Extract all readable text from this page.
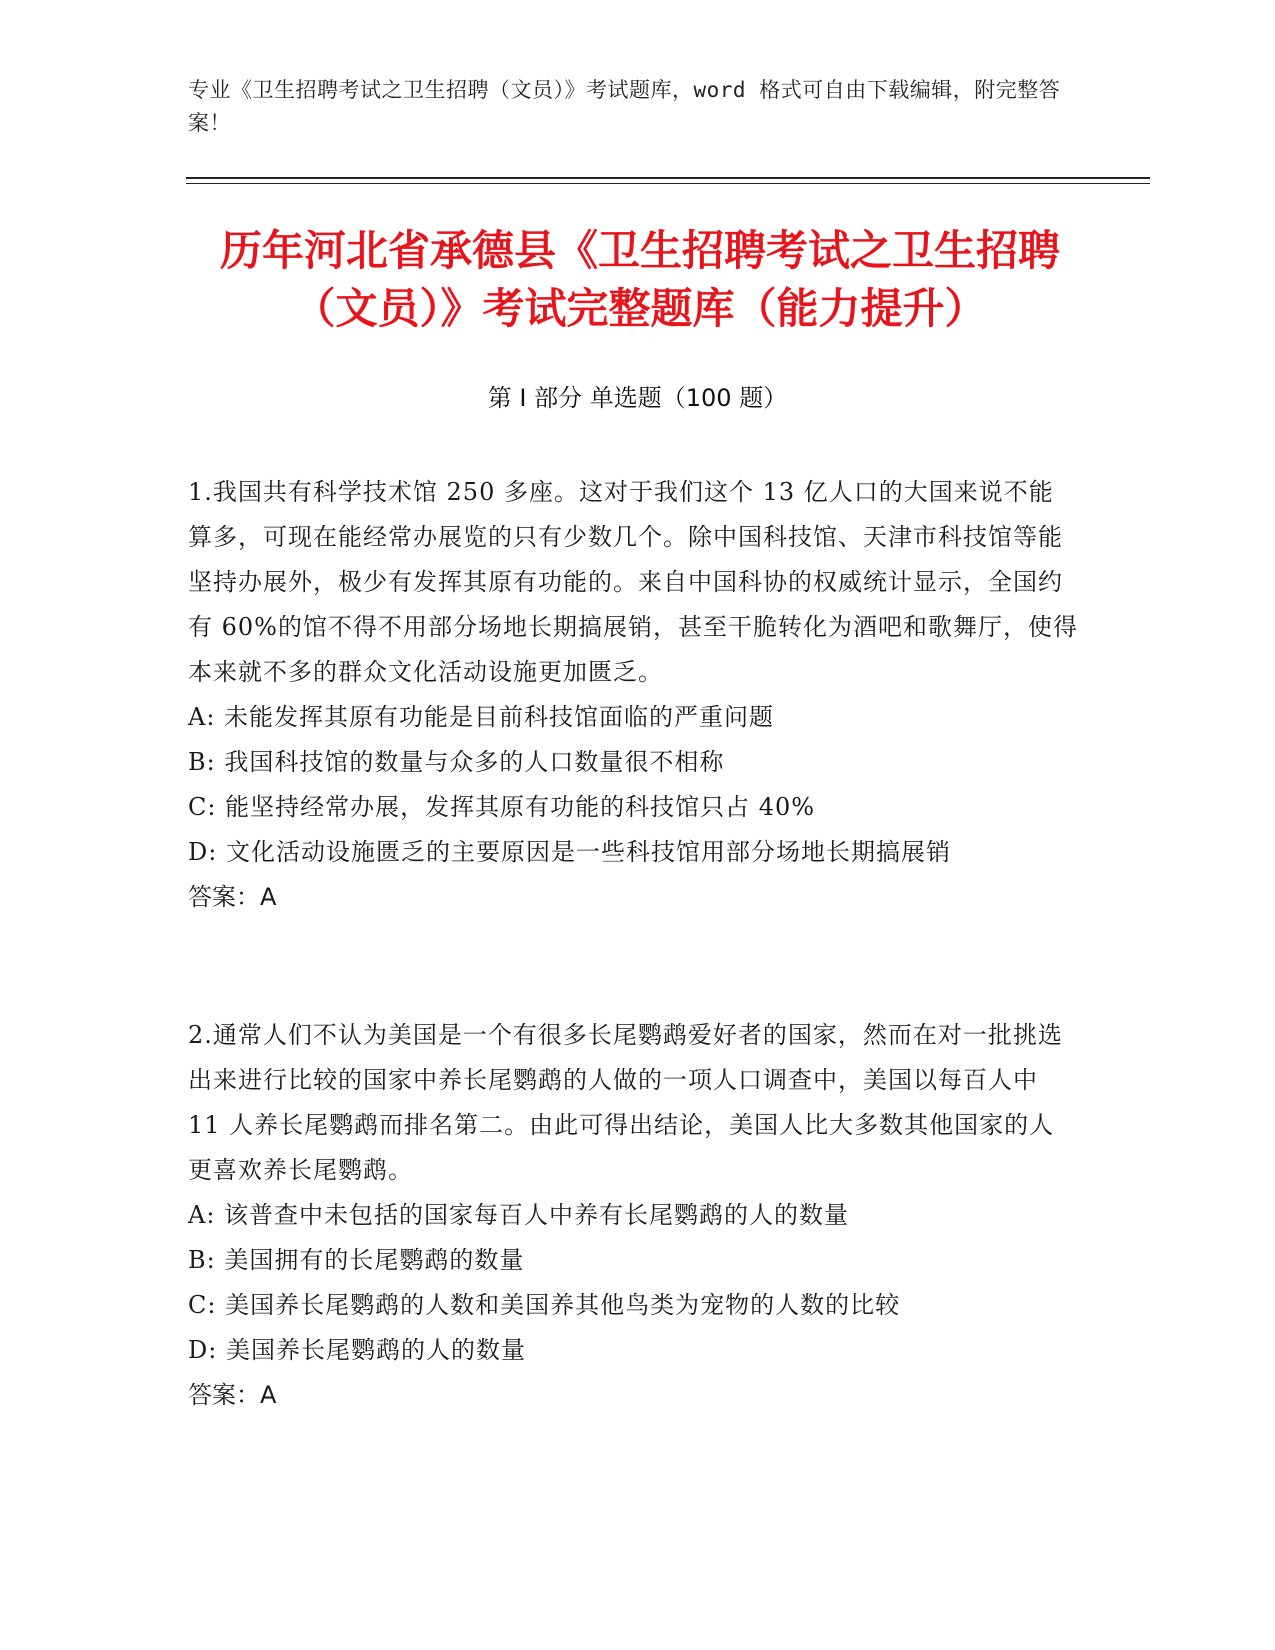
专业《卫生招聘考试之卫生招聘（文员）》考试题库，word 格式可自由下载编辑，附完整答案！
历年河北省承德县《卫生招聘考试之卫生招聘（文员）》考试完整题库（能力提升）
第 I 部分 单选题（100 题）
1.我国共有科学技术馆 250 多座。这对于我们这个 13 亿人口的大国来说不能算多，可现在能经常办展览的只有少数几个。除中国科技馆、天津市科技馆等能坚持办展外，极少有发挥其原有功能的。来自中国科协的权威统计显示，全国约有 60%的馆不得不用部分场地长期搞展销，甚至干脆转化为酒吧和歌舞厅，使得本来就不多的群众文化活动设施更加匮乏。
A: 未能发挥其原有功能是目前科技馆面临的严重问题
B: 我国科技馆的数量与众多的人口数量很不相称
C: 能坚持经常办展，发挥其原有功能的科技馆只占 40%
D: 文化活动设施匮乏的主要原因是一些科技馆用部分场地长期搞展销
答案：A
2.通常人们不认为美国是一个有很多长尾鹦鹉爱好者的国家，然而在对一批挑选出来进行比较的国家中养长尾鹦鹉的人做的一项人口调查中，美国以每百人中 11 人养长尾鹦鹉而排名第二。由此可得出结论，美国人比大多数其他国家的人更喜欢养长尾鹦鹉。
A: 该普查中未包括的国家每百人中养有长尾鹦鹉的人的数量
B: 美国拥有的长尾鹦鹉的数量
C: 美国养长尾鹦鹉的人数和美国养其他鸟类为宠物的人数的比较
D: 美国养长尾鹦鹉的人的数量
答案：A
